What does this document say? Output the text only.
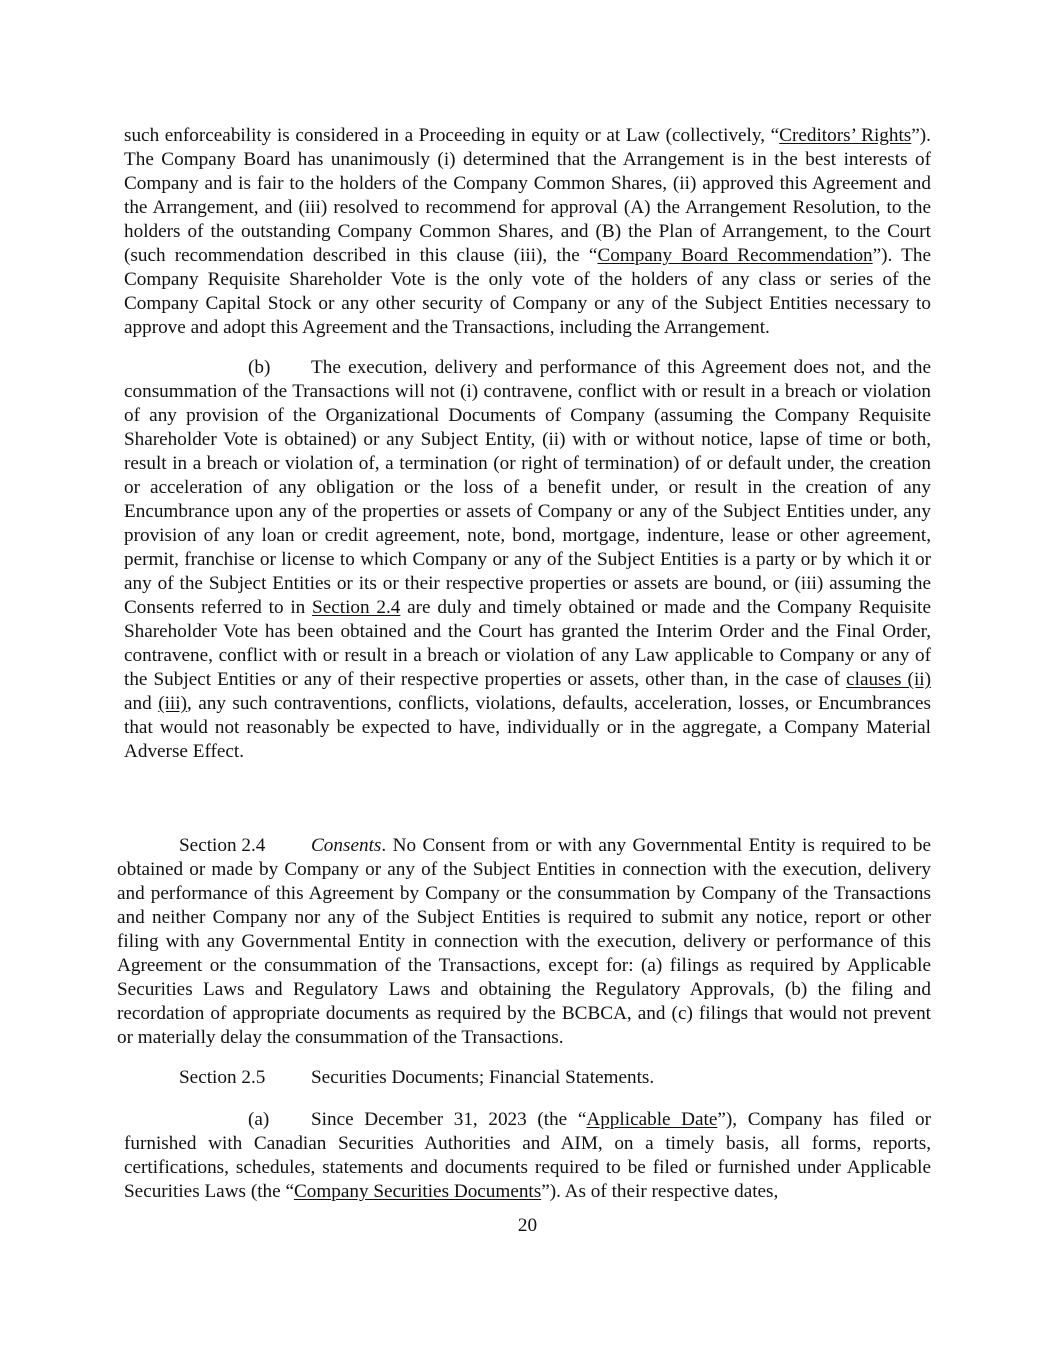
such enforceability is considered in a Proceeding in equity or at Law (collectively, “Creditors’ Rights”). The Company Board has unanimously (i) determined that the Arrangement is in the best interests of Company and is fair to the holders of the Company Common Shares, (ii) approved this Agreement and the Arrangement, and (iii) resolved to recommend for approval (A) the Arrangement Resolution, to the holders of the outstanding Company Common Shares, and (B) the Plan of Arrangement, to the Court (such recommendation described in this clause (iii), the “Company Board Recommendation”). The Company Requisite Shareholder Vote is the only vote of the holders of any class or series of the Company Capital Stock or any other security of Company or any of the Subject Entities necessary to approve and adopt this Agreement and the Transactions, including the Arrangement.

(b) The execution, delivery and performance of this Agreement does not, and the consummation of the Transactions will not (i) contravene, conflict with or result in a breach or violation of any provision of the Organizational Documents of Company (assuming the Company Requisite Shareholder Vote is obtained) or any Subject Entity, (ii) with or without notice, lapse of time or both, result in a breach or violation of, a termination (or right of termination) of or default under, the creation or acceleration of any obligation or the loss of a benefit under, or result in the creation of any Encumbrance upon any of the properties or assets of Company or any of the Subject Entities under, any provision of any loan or credit agreement, note, bond, mortgage, indenture, lease or other agreement, permit, franchise or license to which Company or any of the Subject Entities is a party or by which it or any of the Subject Entities or its or their respective properties or assets are bound, or (iii) assuming the Consents referred to in Section 2.4 are duly and timely obtained or made and the Company Requisite Shareholder Vote has been obtained and the Court has granted the Interim Order and the Final Order, contravene, conflict with or result in a breach or violation of any Law applicable to Company or any of the Subject Entities or any of their respective properties or assets, other than, in the case of clauses (ii) and (iii), any such contraventions, conflicts, violations, defaults, acceleration, losses, or Encumbrances that would not reasonably be expected to have, individually or in the aggregate, a Company Material Adverse Effect.

Section 2.4 Consents. No Consent from or with any Governmental Entity is required to be obtained or made by Company or any of the Subject Entities in connection with the execution, delivery and performance of this Agreement by Company or the consummation by Company of the Transactions and neither Company nor any of the Subject Entities is required to submit any notice, report or other filing with any Governmental Entity in connection with the execution, delivery or performance of this Agreement or the consummation of the Transactions, except for: (a) filings as required by Applicable Securities Laws and Regulatory Laws and obtaining the Regulatory Approvals, (b) the filing and recordation of appropriate documents as required by the BCBCA, and (c) filings that would not prevent or materially delay the consummation of the Transactions.

Section 2.5 Securities Documents; Financial Statements.

(a) Since December 31, 2023 (the “Applicable Date”), Company has filed or furnished with Canadian Securities Authorities and AIM, on a timely basis, all forms, reports, certifications, schedules, statements and documents required to be filed or furnished under Applicable Securities Laws (the “Company Securities Documents”). As of their respective dates,

20
